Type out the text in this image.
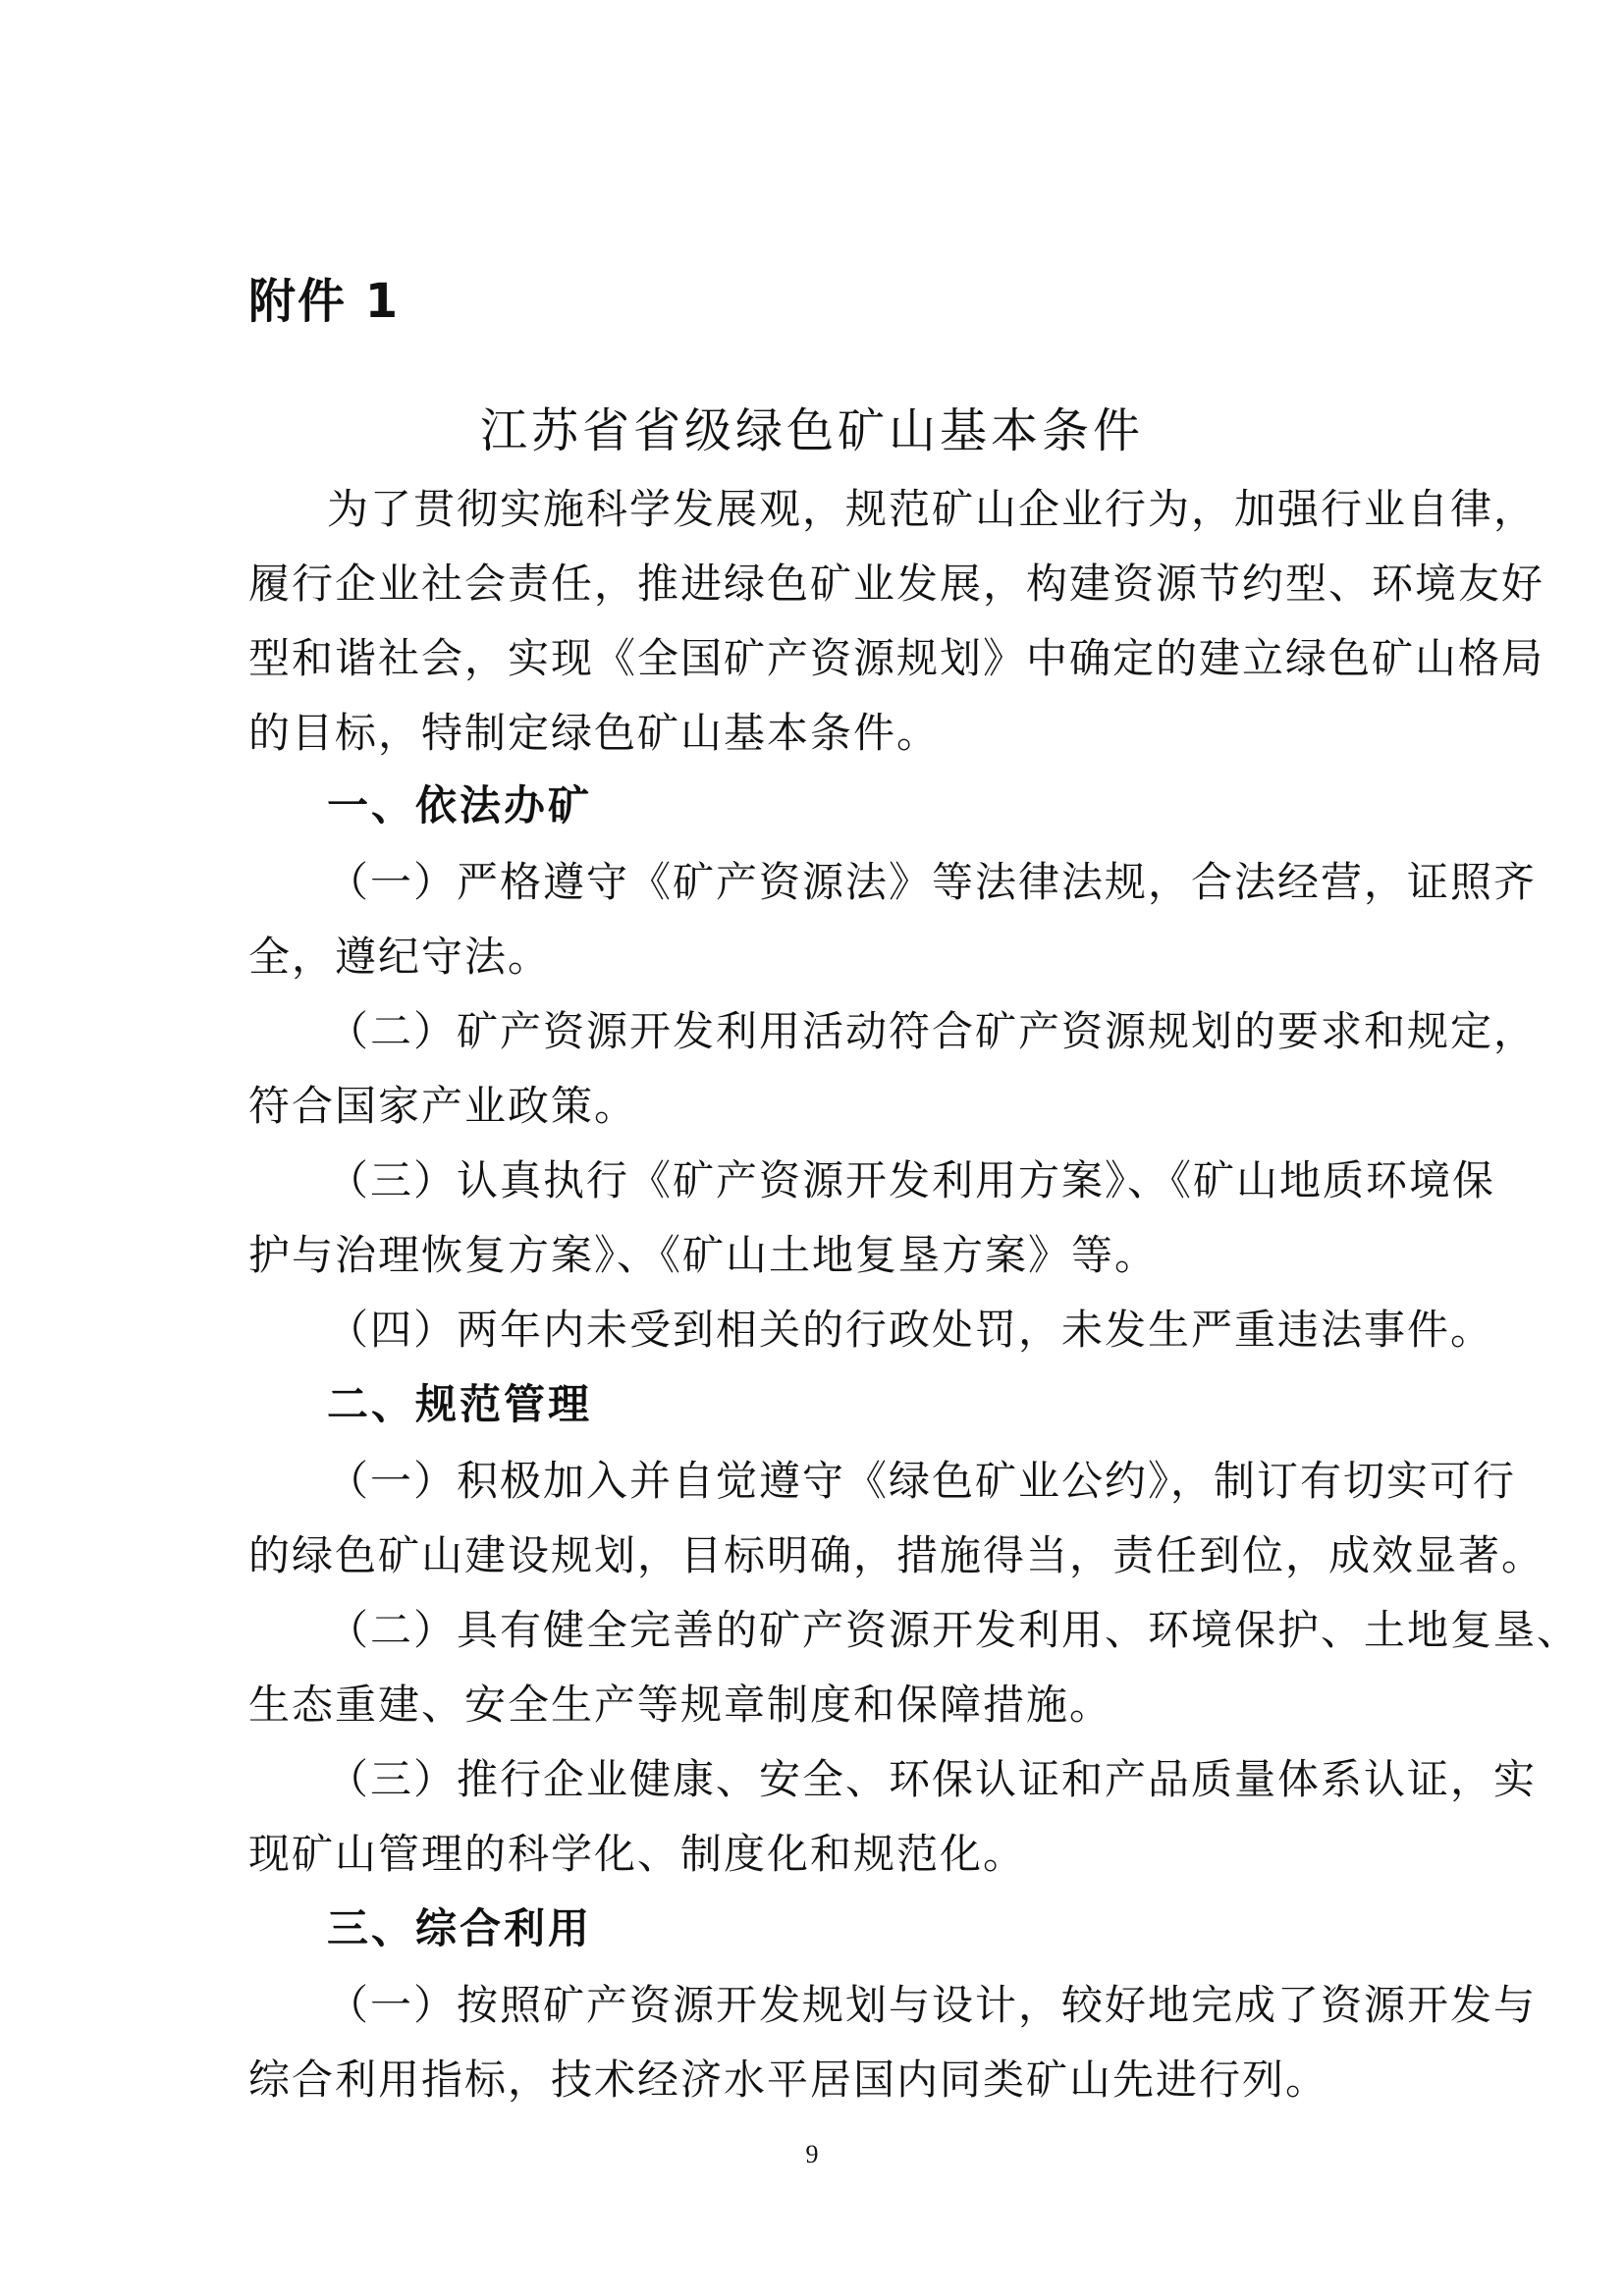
附件 1
江苏省省级绿色矿山基本条件
为了贯彻实施科学发展观，规范矿山企业行为，加强行业自律，
履行企业社会责任，推进绿色矿业发展，构建资源节约型、环境友好
型和谐社会，实现《全国矿产资源规划》中确定的建立绿色矿山格局
的目标，特制定绿色矿山基本条件。
一、依法办矿
（一）严格遵守《矿产资源法》等法律法规，合法经营，证照齐
全，遵纪守法。
（二）矿产资源开发利用活动符合矿产资源规划的要求和规定，
符合国家产业政策。
（三）认真执行《矿产资源开发利用方案》、《矿山地质环境保
护与治理恢复方案》、《矿山土地复垦方案》等。
（四）两年内未受到相关的行政处罚，未发生严重违法事件。
二、规范管理
（一）积极加入并自觉遵守《绿色矿业公约》，制订有切实可行
的绿色矿山建设规划，目标明确，措施得当，责任到位，成效显著。
（二）具有健全完善的矿产资源开发利用、环境保护、土地复垦、
生态重建、安全生产等规章制度和保障措施。
（三）推行企业健康、安全、环保认证和产品质量体系认证，实
现矿山管理的科学化、制度化和规范化。
三、综合利用
（一）按照矿产资源开发规划与设计，较好地完成了资源开发与
综合利用指标，技术经济水平居国内同类矿山先进行列。
9
